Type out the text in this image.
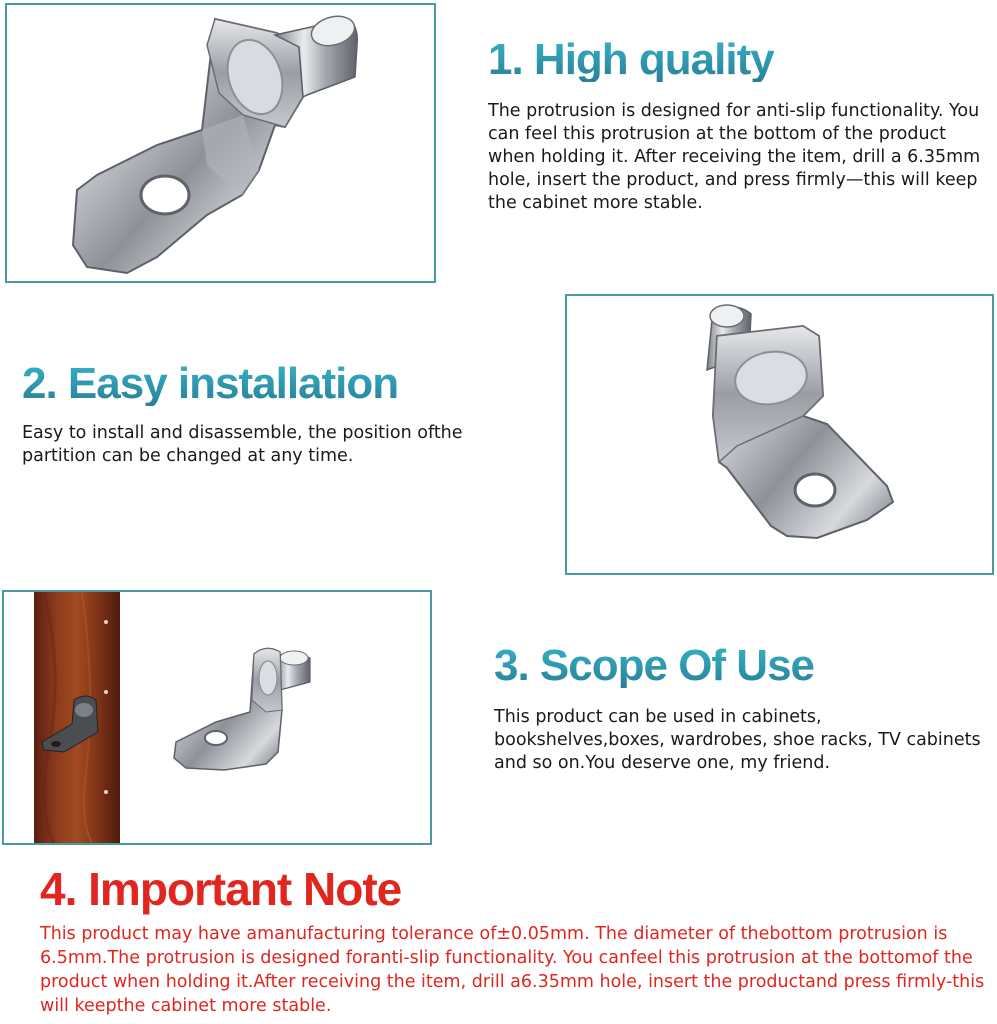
1. High quality

The protrusion is designed for anti-slip functionality. You can feel this protrusion at the bottom of the product when holding it. After receiving the item, drill a 6.35mm hole, insert the product, and press firmly—this will keep the cabinet more stable.

2. Easy installation

Easy to install and disassemble, the position ofthe partition can be changed at any time.

3. Scope Of Use

This product can be used in cabinets, bookshelves,boxes, wardrobes, shoe racks, TV cabinets and so on.You deserve one, my friend.

4. Important Note

This product may have amanufacturing tolerance of±0.05mm. The diameter of thebottom protrusion is 6.5mm.The protrusion is designed foranti-slip functionality. You canfeel this protrusion at the bottomof the product when holding it.After receiving the item, drill a6.35mm hole, insert the productand press firmly-this will keepthe cabinet more stable.
